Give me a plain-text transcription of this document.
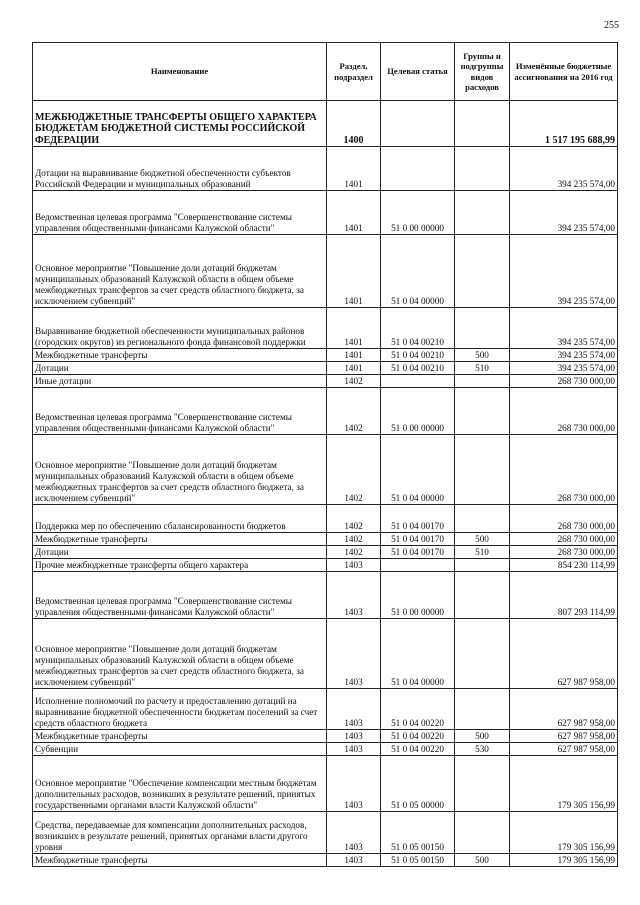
255
Наименование	Раздел, подраздел	Целевая статья	Группы и подгруппы видов расходов	Изменённые бюджетные ассигнования на 2016 год
МЕЖБЮДЖЕТНЫЕ ТРАНСФЕРТЫ ОБЩЕГО ХАРАКТЕРА БЮДЖЕТАМ БЮДЖЕТНОЙ СИСТЕМЫ РОССИЙСКОЙ ФЕДЕРАЦИИ	1400			1 517 195 688,99
Дотации на выравнивание бюджетной обеспеченности субъектов Российской Федерации и муниципальных образований	1401			394 235 574,00
Ведомственная целевая программа "Совершенствование системы управления общественными финансами Калужской области"	1401	51 0 00 00000		394 235 574,00
Основное мероприятие "Повышение доли дотаций бюджетам муниципальных образований Калужской области в общем объеме межбюджетных трансфертов за счет средств областного бюджета, за исключением субвенций"	1401	51 0 04 00000		394 235 574,00
Выравнивание бюджетной обеспеченности муниципальных районов (городских округов) из регионального фонда финансовой поддержки	1401	51 0 04 00210		394 235 574,00
Межбюджетные трансферты	1401	51 0 04 00210	500	394 235 574,00
Дотации	1401	51 0 04 00210	510	394 235 574,00
Иные дотации	1402			268 730 000,00
Ведомственная целевая программа "Совершенствование системы управления общественными финансами Калужской области"	1402	51 0 00 00000		268 730 000,00
Основное мероприятие "Повышение доли дотаций бюджетам муниципальных образований Калужской области в общем объеме межбюджетных трансфертов за счет средств областного бюджета, за исключением субвенций"	1402	51 0 04 00000		268 730 000,00
Поддержка мер по обеспечению сбалансированности бюджетов	1402	51 0 04 00170		268 730 000,00
Межбюджетные трансферты	1402	51 0 04 00170	500	268 730 000,00
Дотации	1402	51 0 04 00170	510	268 730 000,00
Прочие межбюджетные трансферты общего характера	1403			854 230 114,99
Ведомственная целевая программа "Совершенствование системы управления общественными финансами Калужской области"	1403	51 0 00 00000		807 293 114,99
Основное мероприятие "Повышение доли дотаций бюджетам муниципальных образований Калужской области в общем объеме межбюджетных трансфертов за счет средств областного бюджета, за исключением субвенций"	1403	51 0 04 00000		627 987 958,00
Исполнение полномочий по расчету и предоставлению дотаций на выравнивание бюджетной обеспеченности бюджетам поселений за счет средств областного бюджета	1403	51 0 04 00220		627 987 958,00
Межбюджетные трансферты	1403	51 0 04 00220	500	627 987 958,00
Субвенции	1403	51 0 04 00220	530	627 987 958,00
Основное мероприятие "Обеспечение компенсации местным бюджетам дополнительных расходов, возникших в результате решений, принятых государственными органами власти Калужской области"	1403	51 0 05 00000		179 305 156,99
Средства, передаваемые для компенсации дополнительных расходов, возникших в результате решений, принятых органами власти другого уровня	1403	51 0 05 00150		179 305 156,99
Межбюджетные трансферты	1403	51 0 05 00150	500	179 305 156,99
